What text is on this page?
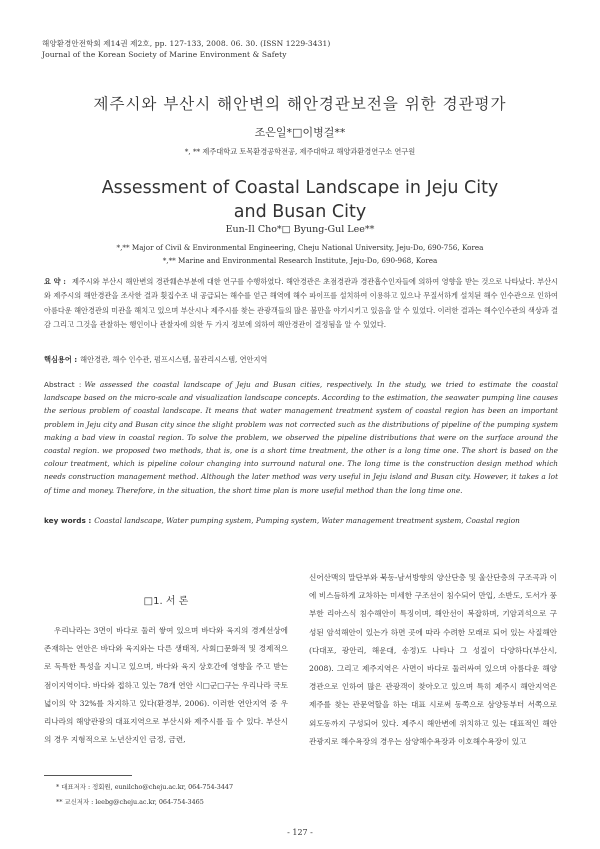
해양환경안전학회 제14권 제2호, pp. 127-133, 2008. 06. 30. (ISSN 1229-3431)
Journal of the Korean Society of Marine Environment & Safety
제주시와 부산시 해안변의 해안경관보전을 위한 경관평가
조은일*□이병걸**
*, ** 제주대학교 토목환경공학전공, 제주대학교 해양과환경연구소 연구원
Assessment of Coastal Landscape in Jeju City
and Busan City
Eun-Il Cho*□ Byung-Gul Lee**
*,** Major of Civil & Environmental Engineering, Cheju National University, Jeju-Do, 690-756, Korea
*,** Marine and Environmental Research Institute, Jeju-Do, 690-968, Korea
요 약 : 제주시와 부산시 해안변의 경관훼손부분에 대한 연구를 수행하였다. 해안경관은 초점경관과 경관흡수인자들에 의하여 영향을 받는 것으로 나타났다. 부산시와 제주시의 해안경관을 조사한 결과 횟집수조 내 공급되는 해수를 얻근 해역에 해수 파이프를 설치하여 이용하고 있으나 무질서하게 설치된 해수 인수관으로 인하여 아름다운 해안경관의 미관을 해치고 있으며 부산시나 제주시를 찾는 관광객들의 많은 불만을 야기시키고 있음을 알 수 있었다. 이러한 결과는 해수인수관의 색상과 결감 그리고 그것을 관찰하는 행인이나 관찰자에 의한 두 가지 정보에 의하여 해안경관이 결정됨을 알 수 있었다.
핵심용어 : 해안경관, 해수 인수관, 펌프시스템, 물관리시스템, 연안지역
Abstract : We assessed the coastal landscape of Jeju and Busan cities, respectively. In the study, we tried to estimate the coastal landscape based on the micro-scale and visualization landscape concepts. According to the estimation, the seawater pumping line causes the serious problem of coastal landscape. It means that water management treatment system of coastal region has been an important problem in Jeju city and Busan city since the slight problem was not corrected such as the distributions of pipeline of the pumping system making a bad view in coastal region. To solve the problem, we observed the pipeline distributions that were on the surface around the coastal region. we proposed two methods, that is, one is a short time treatment, the other is a long time one. The short is based on the colour treatment, which is pipeline colour changing into surround natural one. The long time is the construction design method which needs construction management method. Although the later method was very useful in Jeju island and Busan city. However, it takes a lot of time and money. Therefore, in the situation, the short time plan is more useful method than the long time one.
key words : Coastal landscape, Water pumping system, Pumping system, Water management treatment system, Coastal region
□1. 서 론
우리나라는 3면이 바다로 둘러 쌓여 있으며 바다와 육지의 경계선상에 존재하는 연안은 바다와 육지와는 다른 생태적, 사회□문화적 및 경제적으로 독특한 특성을 지니고 있으며, 바다와 육지 상호간에 영향을 주고 받는 점이지역이다. 바다와 접하고 있는 78개 연안 시□군□구는 우리나라 국토 넓이의 약 32%를 차지하고 있다(환경부, 2006). 이러한 연안지역 중 우리나라의 해양관광의 대표지역으로 부산시와 제주시를 들 수 있다. 부산시의 경우 지형적으로 노년산지인 금정, 금련,
신어산맥의 말단부와 북동-남서방향의 양산단층 및 울산단층의 구조곡과 이에 비스듬하게 교차하는 미세한 구조선이 침수되어 만입, 소반도, 도서가 풍부한 리아스식 침수해안이 특징이며, 해안선이 복잡하며, 기암괴석으로 구성된 암석해안이 있는가 하면 곳에 따라 수려한 모래로 되어 있는 사질해안(다대포, 광안리, 해운대, 송정)도 나타나 그 성질이 다양하다(부산시, 2008). 그리고 제주지역은 사면이 바다로 둘러싸여 있으며 아름다운 해양경관으로 인하여 많은 관광객이 찾아오고 있으며 특히 제주시 해안지역은 제주를 찾는 관문역할을 하는 대표 시로써 동쪽으로 삼양동부터 서쪽으로 외도동까지 구성되어 있다. 제주시 해안변에 위치하고 있는 대표적인 해안 관광지로 해수욕장의 경우는 삼양해수욕장과 이호해수욕장이 있고
* 대표저자 : 정회원, eunilcho@cheju.ac.kr, 064-754-3447
** 교신저자 : leebg@cheju.ac.kr, 064-754-3465
- 127 -
